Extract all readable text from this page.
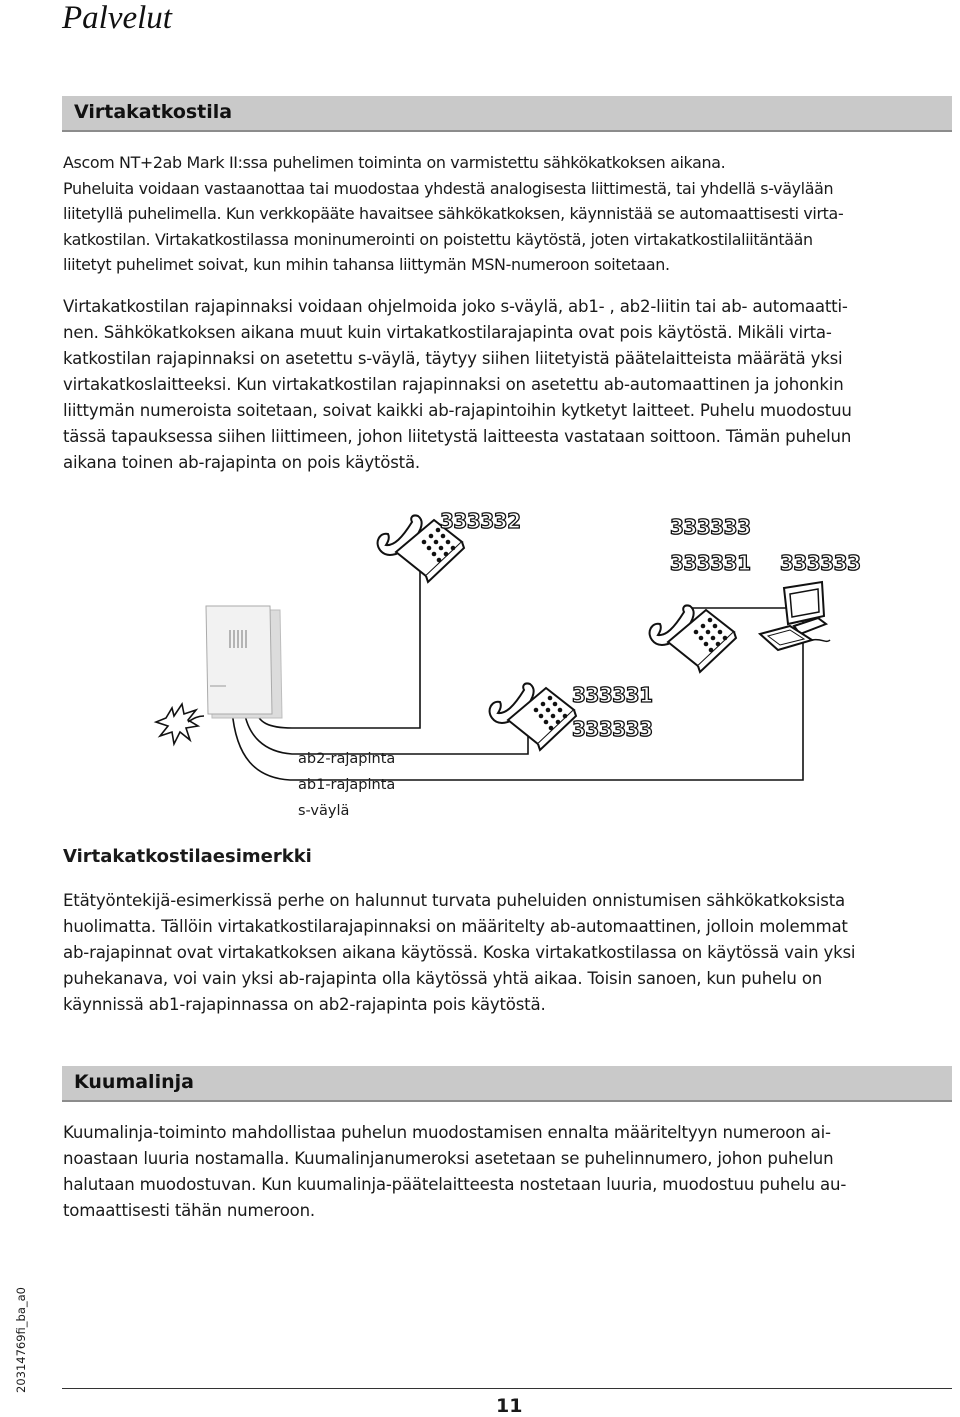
Palvelut
Virtakatkostila

Ascom NT+2ab Mark II:ssa puhelimen toiminta on varmistettu sähkökatkoksen aikana.
Puheluita voidaan vastaanottaa tai muodostaa yhdestä analogisesta liittimestä, tai yhdellä s-väylään
liitetyllä puhelimella. Kun verkkopääte havaitsee sähkökatkoksen, käynnistää se automaattisesti virta-
katkostilan. Virtakatkostilassa moninumerointi on poistettu käytöstä, joten virtakatkostilaliitäntään
liitetyt puhelimet soivat, kun mihin tahansa liittymän MSN-numeroon soitetaan.

Virtakatkostilan rajapinnaksi voidaan ohjelmoida joko s-väylä, ab1- , ab2-liitin tai ab- automaatti-
nen. Sähkökatkoksen aikana muut kuin virtakatkostilarajapinta ovat pois käytöstä. Mikäli virta-
katkostilan rajapinnaksi on asetettu s-väylä, täytyy siihen liitetyistä päätelaitteista määrätä yksi
virtakatkoslaitteeksi. Kun virtakatkostilan rajapinnaksi on asetettu ab-automaattinen ja johonkin
liittymän numeroista soitetaan, soivat kaikki ab-rajapintoihin kytketyt laitteet. Puhelu muodostuu
tässä tapauksessa siihen liittimeen, johon liitetystä laitteesta vastataan soittoon. Tämän puhelun
aikana toinen ab-rajapinta on pois käytöstä.

333332	333333
333331 333333
333331
333333
ab2-rajapinta
ab1-rajapinta
s-väylä
Virtakatkostilaesimerkki

Etätyöntekijä-esimerkissä perhe on halunnut turvata puheluiden onnistumisen sähkökatkoksista
huolimatta. Tällöin virtakatkostilarajapinnaksi on määritelty ab-automaattinen, jolloin molemmat
ab-rajapinnat ovat virtakatkoksen aikana käytössä. Koska virtakatkostilassa on käytössä vain yksi
puhekanava, voi vain yksi ab-rajapinta olla käytössä yhtä aikaa. Toisin sanoen, kun puhelu on
käynnissä ab1-rajapinnassa on ab2-rajapinta pois käytöstä.

Kuumalinja

Kuumalinja-toiminto mahdollistaa puhelun muodostamisen ennalta määriteltyyn numeroon ai-
noastaan luuria nostamalla. Kuumalinjanumeroksi asetetaan se puhelinnumero, johon puhelun
halutaan muodostuvan. Kun kuumalinja-päätelaitteesta nostetaan luuria, muodostuu puhelu au-
tomaattisesti tähän numeroon.

20314769fi_ba_a0
11
